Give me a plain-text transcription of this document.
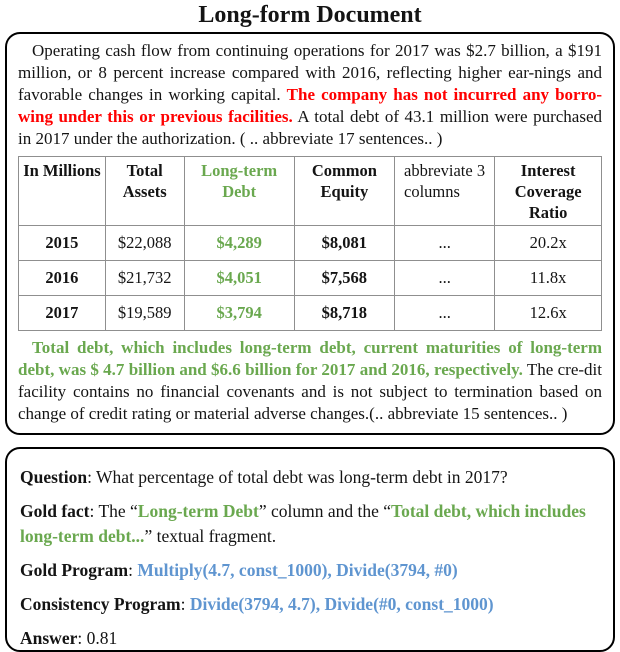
Long-form Document

Operating cash flow from continuing operations for 2017 was $2.7 billion, a $191 million, or 8 percent increase compared with 2016, reflecting higher ear-nings and favorable changes in working capital. The company has not incurred any borro-wing under this or previous facilities. A total debt of 43.1 million were purchased in 2017 under the authorization. ( .. abbreviate 17 sentences.. )

In Millions	Total Assets	Long-term Debt	Common Equity	abbreviate 3 columns	Interest Coverage Ratio
2015	$22,088	$4,289	$8,081	...	20.2x
2016	$21,732	$4,051	$7,568	...	11.8x
2017	$19,589	$3,794	$8,718	...	12.6x

Total debt, which includes long-term debt, current maturities of long-term debt, was $ 4.7 billion and $6.6 billion for 2017 and 2016, respectively. The cre-dit facility contains no financial covenants and is not subject to termination based on change of credit rating or material adverse changes.(.. abbreviate 15 sentences.. )

Question: What percentage of total debt was long-term debt in 2017?

Gold fact: The “Long-term Debt” column and the “Total debt, which includes long-term debt...” textual fragment.

Gold Program: Multiply(4.7, const_1000), Divide(3794, #0)

Consistency Program: Divide(3794, 4.7), Divide(#0, const_1000)

Answer: 0.81
